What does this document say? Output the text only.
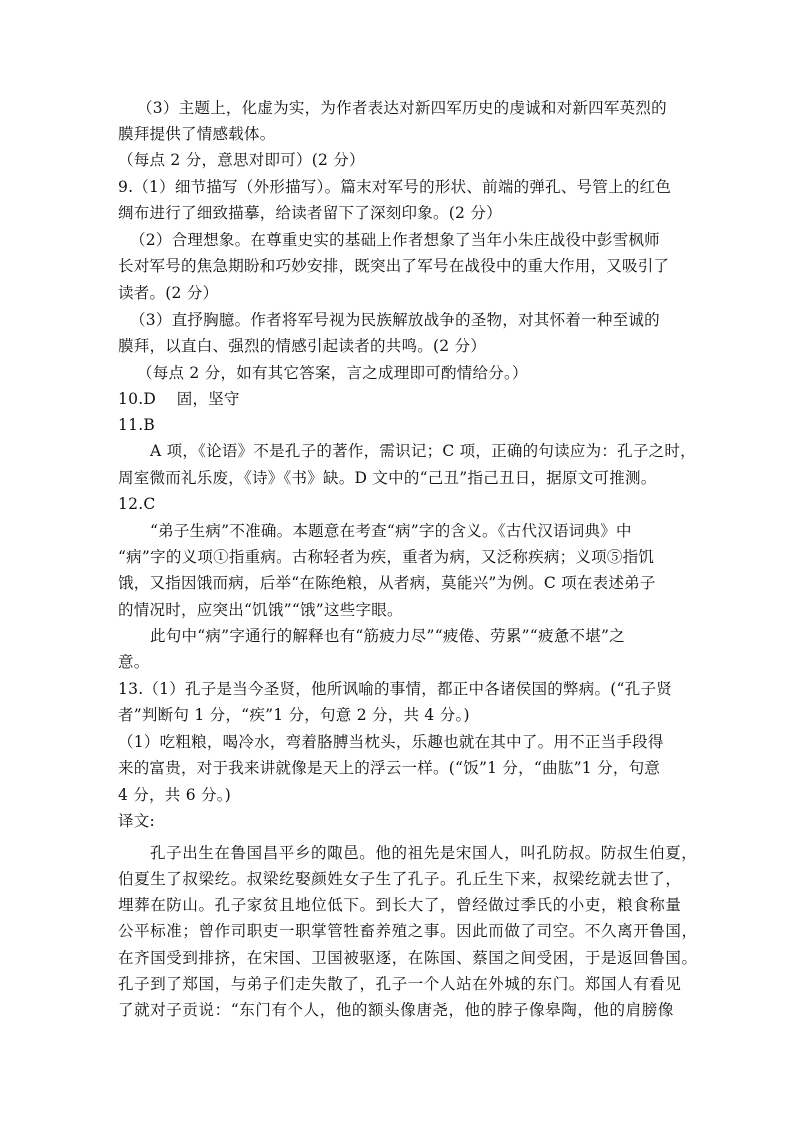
（3）主题上，化虚为实，为作者表达对新四军历史的虔诚和对新四军英烈的
膜拜提供了情感载体。
（每点 2 分，意思对即可）(2 分）
9.（1）细节描写（外形描写）。篇末对军号的形状、前端的弹孔、号管上的红色
绸布进行了细致描摹，给读者留下了深刻印象。(2 分）
（2）合理想象。在尊重史实的基础上作者想象了当年小朱庄战役中彭雪枫师
长对军号的焦急期盼和巧妙安排，既突出了军号在战役中的重大作用，又吸引了
读者。(2 分）
（3）直抒胸臆。作者将军号视为民族解放战争的圣物，对其怀着一种至诚的
膜拜，以直白、强烈的情感引起读者的共鸣。(2 分）
（每点 2 分，如有其它答案，言之成理即可酌情给分。）
10.D    固，坚守
11.B
A 项，《论语》不是孔子的著作，需识记；C 项，正确的句读应为：孔子之时，
周室微而礼乐废，《诗》《书》缺。D 文中的“己丑”指己丑日，据原文可推测。
12.C
“弟子生病”不准确。本题意在考查“病”字的含义。《古代汉语词典》中
“病”字的义项①指重病。古称轻者为疾，重者为病，又泛称疾病；义项⑤指饥
饿，又指因饿而病，后举“在陈绝粮，从者病，莫能兴”为例。C 项在表述弟子
的情况时，应突出“饥饿”“饿”这些字眼。
此句中“病”字通行的解释也有“筋疲力尽”“疲倦、劳累”“疲惫不堪”之
意。
13.（1）孔子是当今圣贤，他所讽喻的事情，都正中各诸侯国的弊病。(“孔子贤
者”判断句 1 分，“疾”1 分，句意 2 分，共 4 分。)
（1）吃粗粮，喝冷水，弯着胳膊当枕头，乐趣也就在其中了。用不正当手段得
来的富贵，对于我来讲就像是天上的浮云一样。(“饭”1 分，“曲肱”1 分，句意
4 分，共 6 分。)
译文:
孔子出生在鲁国昌平乡的陬邑。他的祖先是宋国人，叫孔防叔。防叔生伯夏，
伯夏生了叔梁纥。叔梁纥娶颜姓女子生了孔子。孔丘生下来，叔梁纥就去世了，
埋葬在防山。孔子家贫且地位低下。到长大了，曾经做过季氏的小吏，粮食称量
公平标准；曾作司职吏一职掌管牲畜养殖之事。因此而做了司空。不久离开鲁国，
在齐国受到排挤，在宋国、卫国被驱逐，在陈国、蔡国之间受困，于是返回鲁国。
孔子到了郑国，与弟子们走失散了，孔子一个人站在外城的东门。郑国人有看见
了就对子贡说：“东门有个人，他的额头像唐尧，他的脖子像皋陶，他的肩膀像
